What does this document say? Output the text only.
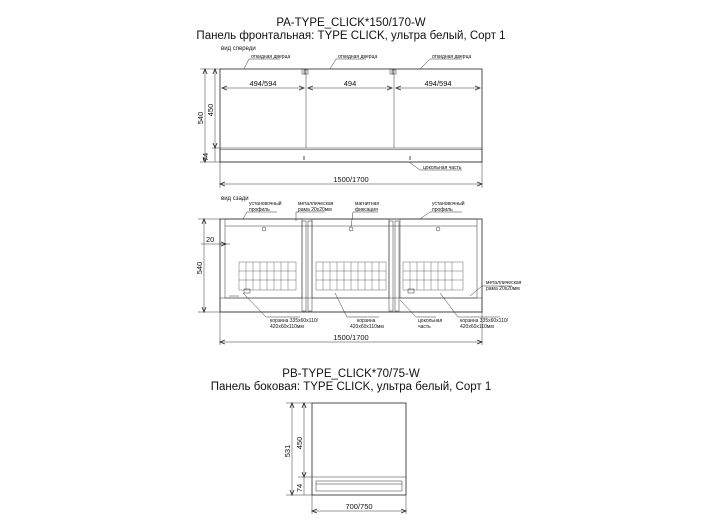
PA-TYPE_CLICK*150/170-W
Панель фронтальная: TYPE CLICK, ультра белый, Сорт 1
PB-TYPE_CLICK*70/75-W
Панель боковая: TYPE CLICK, ультра белый, Сорт 1
вид спереди
откидная дверца	откидная дверца	откидная дверца
494/594	494	494/594
540
450
74
цокольная часть
1500/1700
вид сзади
установочный
профиль
металлическая
рама 20х20мм
магнитная
фиксация
установочный
профиль
540
20
корзина 335х60х110/
420х60х110мм
корзина
420х60х110мм
цокольная
часть
корзина 335х60х110/
420х60х110мм
металлическая
рама 20х20мм
1500/1700
531
450
74
700/750
